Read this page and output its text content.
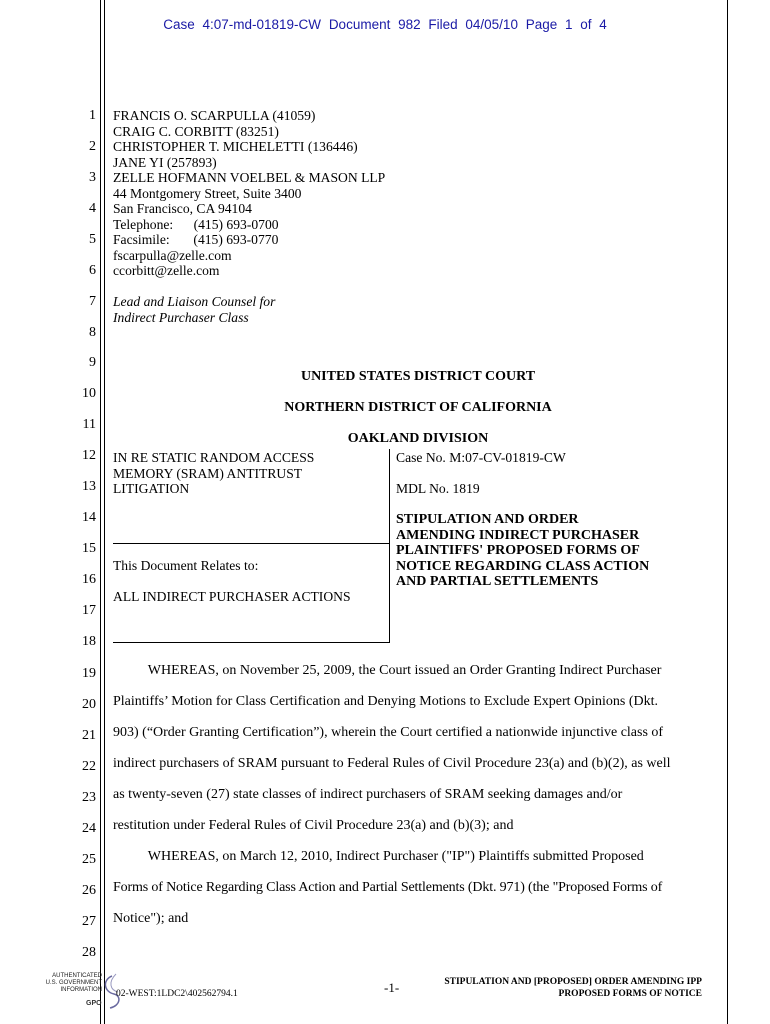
Case 4:07-md-01819-CW Document 982 Filed 04/05/10 Page 1 of 4
1
2
3
4
5
6
7
8
9
10
11
12
13
14
15
16
17
18
19
20
21
22
23
24
25
26
27
28
FRANCIS O. SCARPULLA (41059)
CRAIG C. CORBITT (83251)
CHRISTOPHER T. MICHELETTI (136446)
JANE YI (257893)
ZELLE HOFMANN VOELBEL & MASON LLP
44 Montgomery Street, Suite 3400
San Francisco, CA 94104
Telephone:      (415) 693-0700
Facsimile:       (415) 693-0770
fscarpulla@zelle.com
ccorbitt@zelle.com
Lead and Liaison Counsel for
Indirect Purchaser Class
UNITED STATES DISTRICT COURT
NORTHERN DISTRICT OF CALIFORNIA
OAKLAND DIVISION
IN RE STATIC RANDOM ACCESS
MEMORY (SRAM) ANTITRUST
LITIGATION
This Document Relates to:
ALL INDIRECT PURCHASER ACTIONS
Case No. M:07-CV-01819-CW
MDL No. 1819
STIPULATION AND ORDER
AMENDING INDIRECT PURCHASER
PLAINTIFFS' PROPOSED FORMS OF
NOTICE REGARDING CLASS ACTION
AND PARTIAL SETTLEMENTS
WHEREAS, on November 25, 2009, the Court issued an Order Granting Indirect Purchaser
Plaintiffs’ Motion for Class Certification and Denying Motions to Exclude Expert Opinions (Dkt.
903) (“Order Granting Certification”), wherein the Court certified a nationwide injunctive class of
indirect purchasers of SRAM pursuant to Federal Rules of Civil Procedure 23(a) and (b)(2), as well
as twenty-seven (27) state classes of indirect purchasers of SRAM seeking damages and/or
restitution under Federal Rules of Civil Procedure 23(a) and (b)(3); and
WHEREAS, on March 12, 2010, Indirect Purchaser ("IP") Plaintiffs submitted Proposed
Forms of Notice Regarding Class Action and Partial Settlements (Dkt. 971) (the "Proposed Forms of
Notice"); and
AUTHENTICATED
U.S. GOVERNMENT
INFORMATION
GPO
02-WEST:1LDC2\402562794.1	-1-	STIPULATION AND [PROPOSED] ORDER AMENDING IPP
PROPOSED FORMS OF NOTICE
